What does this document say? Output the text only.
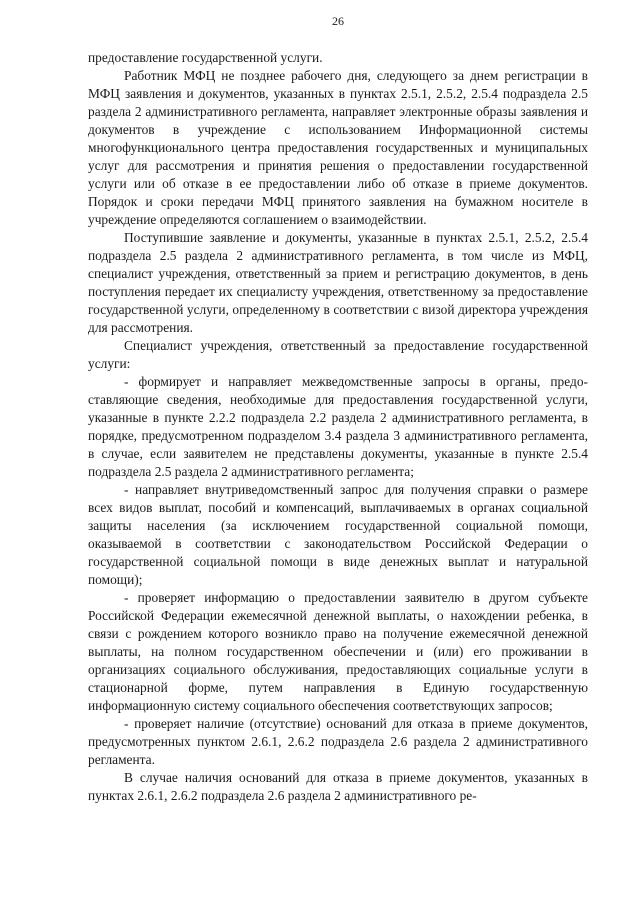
26

предоставление государственной услуги.

Работник МФЦ не позднее рабочего дня, следующего за днем регистрации в МФЦ заявления и документов, указанных в пунктах 2.5.1, 2.5.2, 2.5.4 подраздела 2.5 раздела 2 административного регламента, направляет электронные образы заявления и документов в учреждение с использованием Информационной системы многофункционального центра предоставления государственных и муниципальных услуг для рассмотрения и принятия решения о предоставлении государственной услуги или об отказе в ее предоставлении либо об отказе в приеме документов. Порядок и сроки передачи МФЦ принятого заявления на бумажном носителе в учреждение определяются соглашением о взаимодействии.

Поступившие заявление и документы, указанные в пунктах 2.5.1, 2.5.2, 2.5.4 подраздела 2.5 раздела 2 административного регламента, в том числе из МФЦ, специалист учреждения, ответственный за прием и регистрацию документов, в день поступления передает их специалисту учреждения, ответственному за предоставление государственной услуги, определенному в соответствии с визой директора учреждения для рассмотрения.

Специалист учреждения, ответственный за предоставление государственной услуги:

- формирует и направляет межведомственные запросы в органы, предоставляющие сведения, необходимые для предоставления государственной услуги, указанные в пункте 2.2.2 подраздела 2.2 раздела 2 административного регламента, в порядке, предусмотренном подразделом 3.4 раздела 3 административного регламента, в случае, если заявителем не представлены документы, указанные в пункте 2.5.4 подраздела 2.5 раздела 2 административного регламента;

- направляет внутриведомственный запрос для получения справки о размере всех видов выплат, пособий и компенсаций, выплачиваемых в органах социальной защиты населения (за исключением государственной социальной помощи, оказываемой в соответствии с законодательством Российской Федерации о государственной социальной помощи в виде денежных выплат и натуральной помощи);

- проверяет информацию о предоставлении заявителю в другом субъекте Российской Федерации ежемесячной денежной выплаты, о нахождении ребенка, в связи с рождением которого возникло право на получение ежемесячной денежной выплаты, на полном государственном обеспечении и (или) его проживании в организациях социального обслуживания, предоставляющих социальные услуги в стационарной форме, путем направления в Единую государственную информационную систему социального обеспечения соответствующих запросов;

- проверяет наличие (отсутствие) оснований для отказа в приеме документов, предусмотренных пунктом 2.6.1, 2.6.2 подраздела 2.6 раздела 2 административного регламента.

В случае наличия оснований для отказа в приеме документов, указанных в пунктах 2.6.1, 2.6.2 подраздела 2.6 раздела 2 административного ре-
